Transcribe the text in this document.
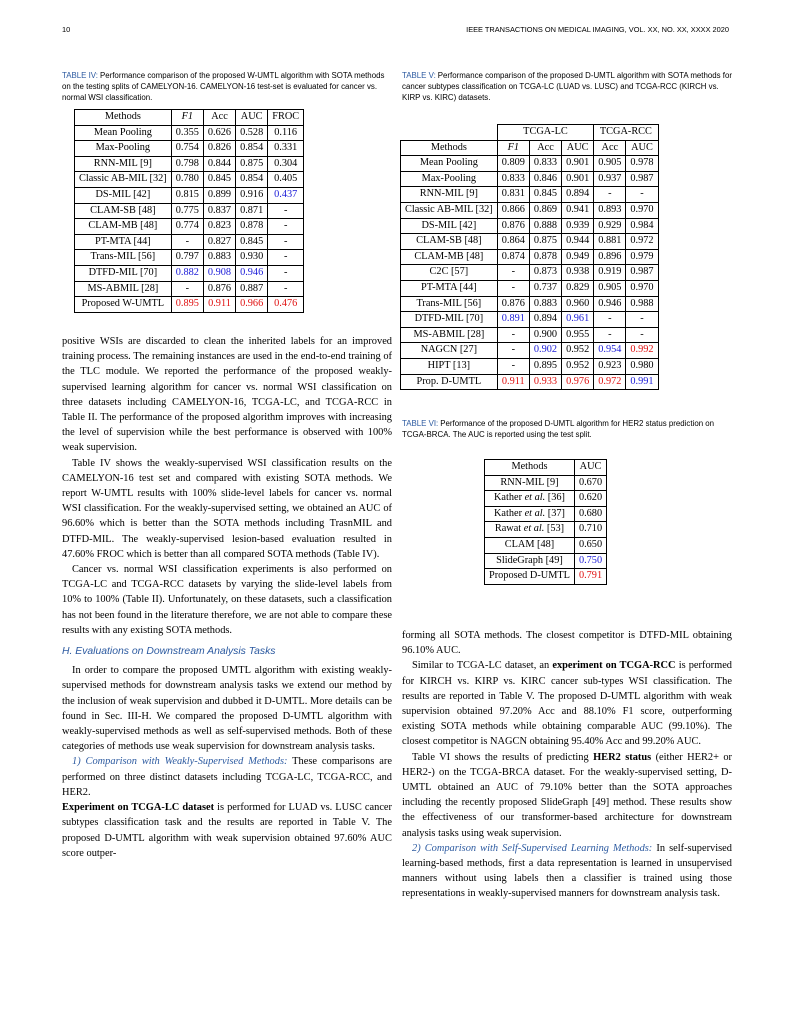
10	IEEE TRANSACTIONS ON MEDICAL IMAGING, VOL. XX, NO. XX, XXXX 2020
TABLE IV: Performance comparison of the proposed W-UMTL algorithm with SOTA methods on the testing splits of CAMELYON-16. CAMELYON-16 test-set is evaluated for cancer vs. normal WSI classification.
Methods	F1	Acc	AUC	FROC
Mean Pooling	0.355	0.626	0.528	0.116
Max-Pooling	0.754	0.826	0.854	0.331
RNN-MIL [9]	0.798	0.844	0.875	0.304
Classic AB-MIL [32]	0.780	0.845	0.854	0.405
DS-MIL [42]	0.815	0.899	0.916	0.437
CLAM-SB [48]	0.775	0.837	0.871	-
CLAM-MB [48]	0.774	0.823	0.878	-
PT-MTA [44]	-	0.827	0.845	-
Trans-MIL [56]	0.797	0.883	0.930	-
DTFD-MIL [70]	0.882	0.908	0.946	-
MS-ABMIL [28]	-	0.876	0.887	-
Proposed W-UMTL	0.895	0.911	0.966	0.476
TABLE V: Performance comparison of the proposed D-UMTL algorithm with SOTA methods for cancer subtypes classification on TCGA-LC (LUAD vs. LUSC) and TCGA-RCC (KIRCH vs. KIRP vs. KIRC) datasets.
	TCGA-LC			TCGA-RCC	
Methods	F1	Acc	AUC	Acc	AUC
Mean Pooling	0.809	0.833	0.901	0.905	0.978
Max-Pooling	0.833	0.846	0.901	0.937	0.987
RNN-MIL [9]	0.831	0.845	0.894	-	-
Classic AB-MIL [32]	0.866	0.869	0.941	0.893	0.970
DS-MIL [42]	0.876	0.888	0.939	0.929	0.984
CLAM-SB [48]	0.864	0.875	0.944	0.881	0.972
CLAM-MB [48]	0.874	0.878	0.949	0.896	0.979
C2C [57]	-	0.873	0.938	0.919	0.987
PT-MTA [44]	-	0.737	0.829	0.905	0.970
Trans-MIL [56]	0.876	0.883	0.960	0.946	0.988
DTFD-MIL [70]	0.891	0.894	0.961	-	-
MS-ABMIL [28]	-	0.900	0.955	-	-
NAGCN [27]	-	0.902	0.952	0.954	0.992
HIPT [13]	-	0.895	0.952	0.923	0.980
Prop. D-UMTL	0.911	0.933	0.976	0.972	0.991
TABLE VI: Performance of the proposed D-UMTL algorithm for HER2 status prediction on TCGA-BRCA. The AUC is reported using the test split.
Methods	AUC
RNN-MIL [9]	0.670
Kather et al. [36]	0.620
Kather et al. [37]	0.680
Rawat et al. [53]	0.710
CLAM [48]	0.650
SlideGraph [49]	0.750
Proposed D-UMTL	0.791

positive WSIs are discarded to clean the inherited labels for an improved training process. The remaining instances are used in the end-to-end training of the TLC module. We reported the performance of the proposed weakly-supervised learning algorithm for cancer vs. normal WSI classification on three datasets including CAMELYON-16, TCGA-LC, and TCGA-RCC in Table II. The performance of the proposed algorithm improves with increasing the level of supervision while the best performance is observed with 100% weak supervision.

Table IV shows the weakly-supervised WSI classification results on the CAMELYON-16 test set and compared with existing SOTA methods. We report W-UMTL results with 100% slide-level labels for cancer vs. normal WSI classification. For the weakly-supervised setting, we obtained an AUC of 96.60% which is better than the SOTA methods including TrasnMIL and DTFD-MIL. The weakly-supervised lesion-based evaluation resulted in 47.60% FROC which is better than all compared SOTA methods (Table IV).

Cancer vs. normal WSI classification experiments is also performed on TCGA-LC and TCGA-RCC datasets by varying the slide-level labels from 10% to 100% (Table II). Unfortunately, on these datasets, such a classification has not been found in the literature therefore, we are not able to compare these results with any existing SOTA methods.

H. Evaluations on Downstream Analysis Tasks

In order to compare the proposed UMTL algorithm with existing weakly-supervised methods for downstream analysis tasks we extend our method by the inclusion of weak supervision and dubbed it D-UMTL. More details can be found in Sec. III-H. We compared the proposed D-UMTL algorithm with weakly-supervised methods as well as self-supervised methods. Both of these categories of methods use weak supervision for downstream analysis tasks.

1) Comparison with Weakly-Supervised Methods: These comparisons are performed on three distinct datasets including TCGA-LC, TCGA-RCC, and HER2.

Experiment on TCGA-LC dataset is performed for LUAD vs. LUSC cancer subtypes classification task and the results are reported in Table V. The proposed D-UMTL algorithm with weak supervision obtained 97.60% AUC score outper-

forming all SOTA methods. The closest competitor is DTFD-MIL obtaining 96.10% AUC.

Similar to TCGA-LC dataset, an experiment on TCGA-RCC is performed for KIRCH vs. KIRP vs. KIRC cancer sub-types WSI classification. The results are reported in Table V. The proposed D-UMTL algorithm with weak supervision obtained 97.20% Acc and 88.10% F1 score, outperforming existing SOTA methods while obtaining comparable AUC (99.10%). The closest competitor is NAGCN obtaining 95.40% Acc and 99.20% AUC.

Table VI shows the results of predicting HER2 status (either HER2+ or HER2-) on the TCGA-BRCA dataset. For the weakly-supervised setting, D-UMTL obtained an AUC of 79.10% better than the SOTA approaches including the recently proposed SlideGraph [49] method. These results show the effectiveness of our transformer-based architecture for downstream analysis tasks using weak supervision.

2) Comparison with Self-Supervised Learning Methods: In self-supervised learning-based methods, first a data representation is learned in unsupervised manners without using labels then a classifier is trained using those representations in weakly-supervised manners for downstream analysis task.
